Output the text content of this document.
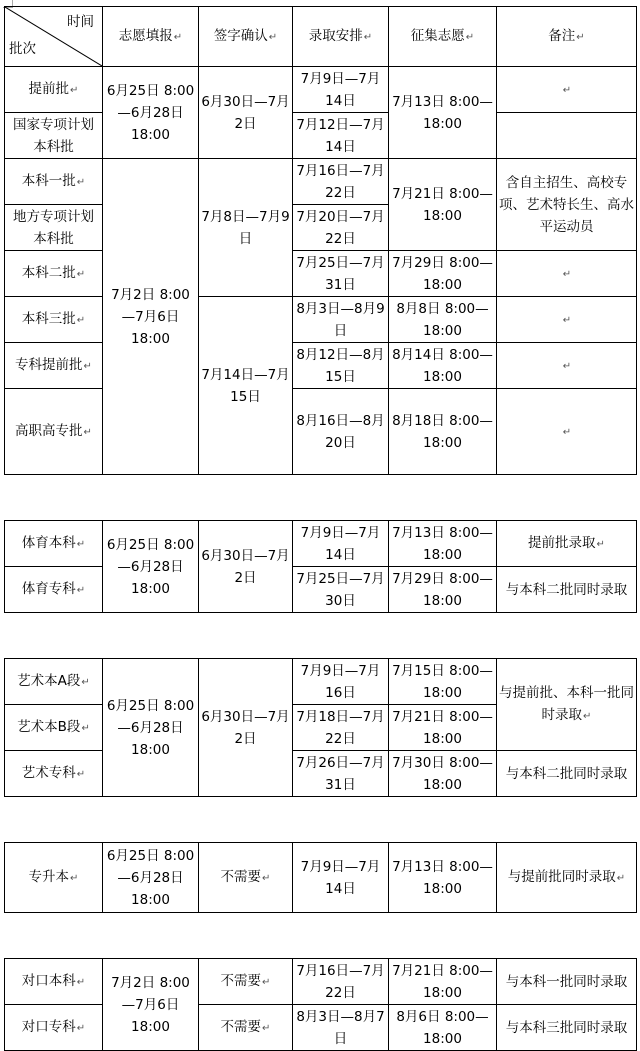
时间
批次	志愿填报 ↵	签字确认 ↵	录取安排 ↵	征集志愿 ↵	备注 ↵
提前批 ↵	6月25日 8:00—6月28日 18:00	6月30日—7月2日	7月9日—7月14日	7月13日 8:00—18:00	↵
国家专项计划本科批			7月12日—7月14日		
本科一批 ↵	7月2日 8:00—7月6日 18:00	7月8日—7月9日	7月16日—7月22日	7月21日 8:00—18:00	含自主招生、高校专项、艺术特长生、高水平运动员
地方专项计划本科批			7月20日—7月22日		
本科二批 ↵			7月25日—7月31日	7月29日 8:00—18:00	↵
本科三批 ↵		7月14日—7月15日	8月3日—8月9日	8月8日 8:00—18:00	↵
专科提前批 ↵			8月12日—8月15日	8月14日 8:00—18:00	↵
高职高专批 ↵			8月16日—8月20日	8月18日 8:00—18:00	↵

体育本科 ↵	6月25日 8:00—6月28日 18:00	6月30日—7月2日	7月9日—7月14日	7月13日 8:00—18:00	提前批录取 ↵
体育专科 ↵			7月25日—7月30日	7月29日 8:00—18:00	与本科二批同时录取

艺术本A段 ↵	6月25日 8:00—6月28日 18:00	6月30日—7月2日	7月9日—7月16日	7月15日 8:00—18:00	与提前批、本科一批同时录取 ↵
艺术本B段 ↵			7月18日—7月22日	7月21日 8:00—18:00	
艺术专科 ↵			7月26日—7月31日	7月30日 8:00—18:00	与本科二批同时录取

专升本 ↵	6月25日 8:00—6月28日 18:00	不需要 ↵	7月9日—7月14日	7月13日 8:00—18:00	与提前批同时录取 ↵

对口本科 ↵	7月2日 8:00—7月6日 18:00	不需要 ↵	7月16日—7月22日	7月21日 8:00—18:00	与本科一批同时录取
对口专科 ↵		不需要 ↵	8月3日—8月7日	8月6日 8:00—18:00	与本科三批同时录取
